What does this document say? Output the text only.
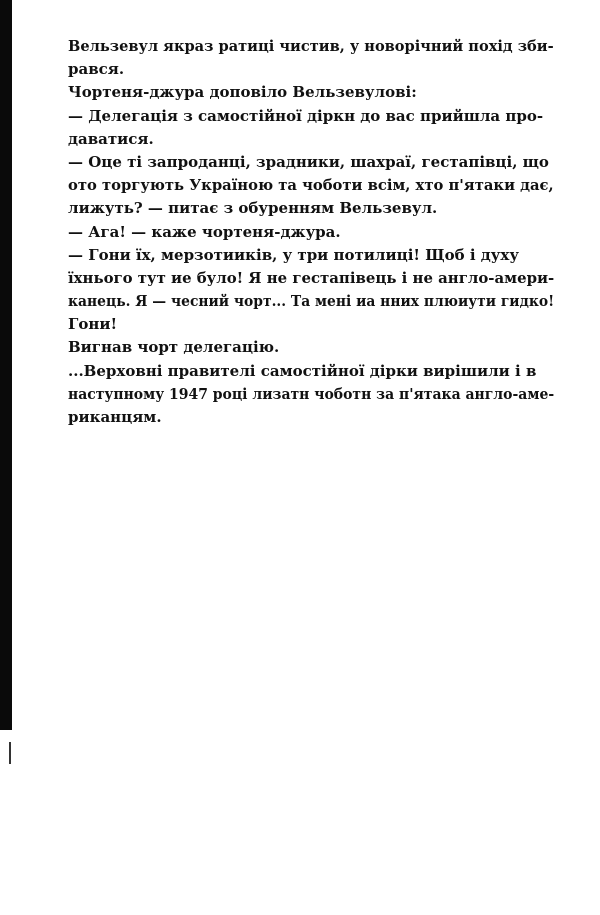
Вельзевул якраз ратиці чистив, у новорічний похід зби-
рався.
Чортеня-джура доповіло Вельзевулові:
— Делегація з самостійної діркн до вас прийшла про-
даватися.
— Оце ті запроданці, зрадники, шахраї, гестапівці, що
ото торгують Україною та чоботи всім, хто п'ятаки дає,
лижуть? — питає з обуренням Вельзевул.
— Ага! — каже чортеня-джура.
— Гони їх, мерзотииків, у три потилиці! Щоб і духу
їхнього тут ие було! Я не гестапівець і не англо-амери-
канець. Я — чесний чорт... Та мені иа нних плюиути гидко!
Гони!
Вигнав чорт делегацію.
...Верховні правителі самостійної дірки вирішили і в
наступному 1947 році лизатн чоботн за п'ятака англо-аме-
риканцям.
